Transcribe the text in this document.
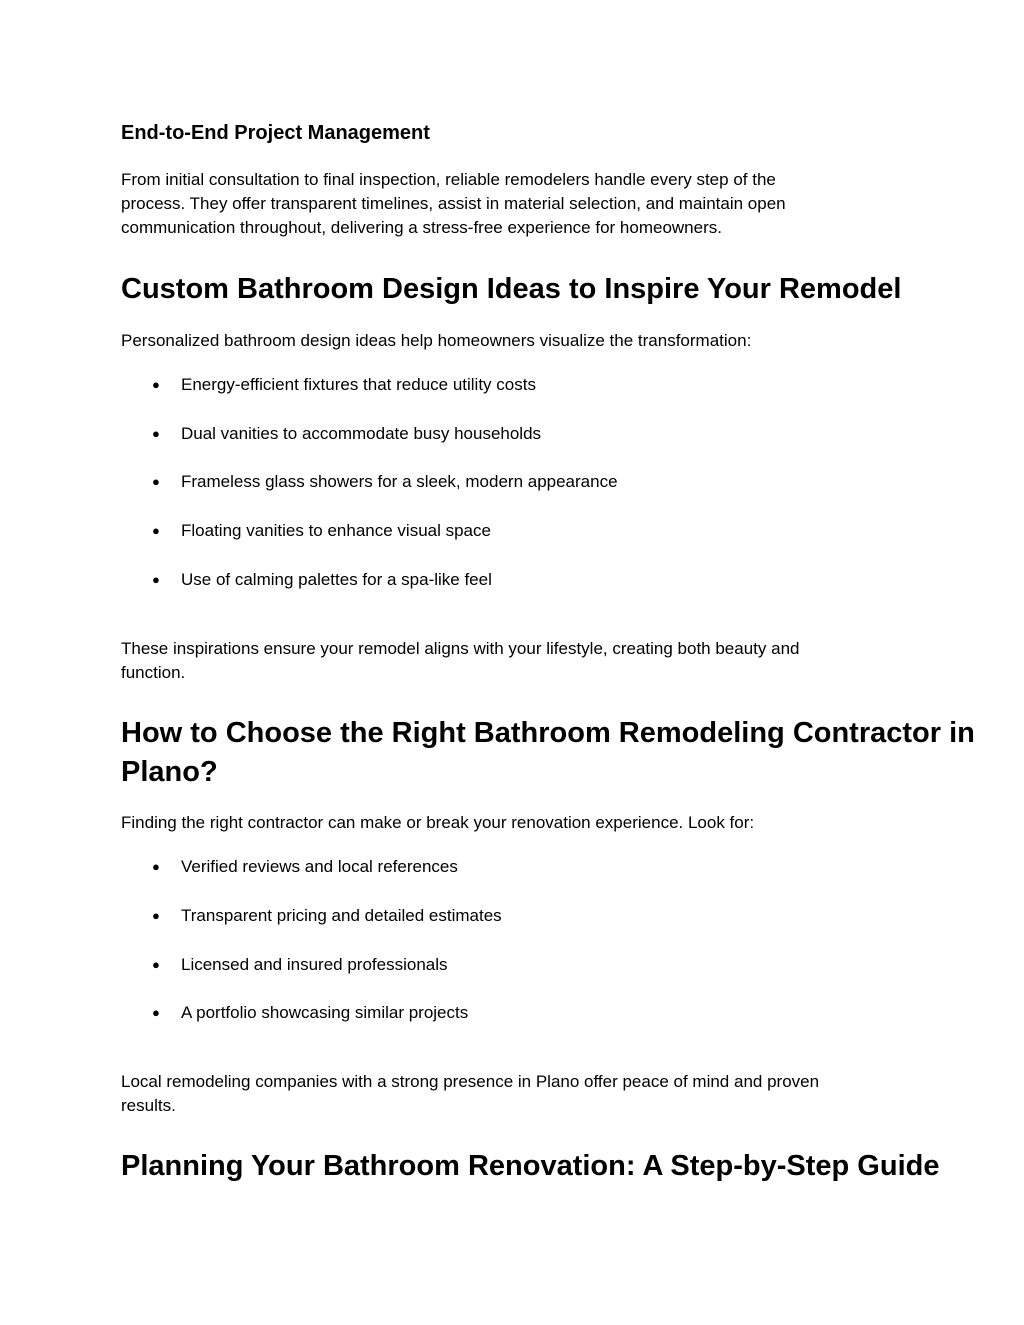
End-to-End Project Management

From initial consultation to final inspection, reliable remodelers handle every step of the

process. They offer transparent timelines, assist in material selection, and maintain open

communication throughout, delivering a stress-free experience for homeowners.

Custom Bathroom Design Ideas to Inspire Your Remodel

Personalized bathroom design ideas help homeowners visualize the transformation:

● Energy-efficient fixtures that reduce utility costs
● Dual vanities to accommodate busy households
● Frameless glass showers for a sleek, modern appearance
● Floating vanities to enhance visual space
● Use of calming palettes for a spa-like feel

These inspirations ensure your remodel aligns with your lifestyle, creating both beauty and

function.

How to Choose the Right Bathroom Remodeling Contractor in
Plano?

Finding the right contractor can make or break your renovation experience. Look for:

● Verified reviews and local references
● Transparent pricing and detailed estimates
● Licensed and insured professionals
● A portfolio showcasing similar projects

Local remodeling companies with a strong presence in Plano offer peace of mind and proven

results.

Planning Your Bathroom Renovation: A Step-by-Step Guide
